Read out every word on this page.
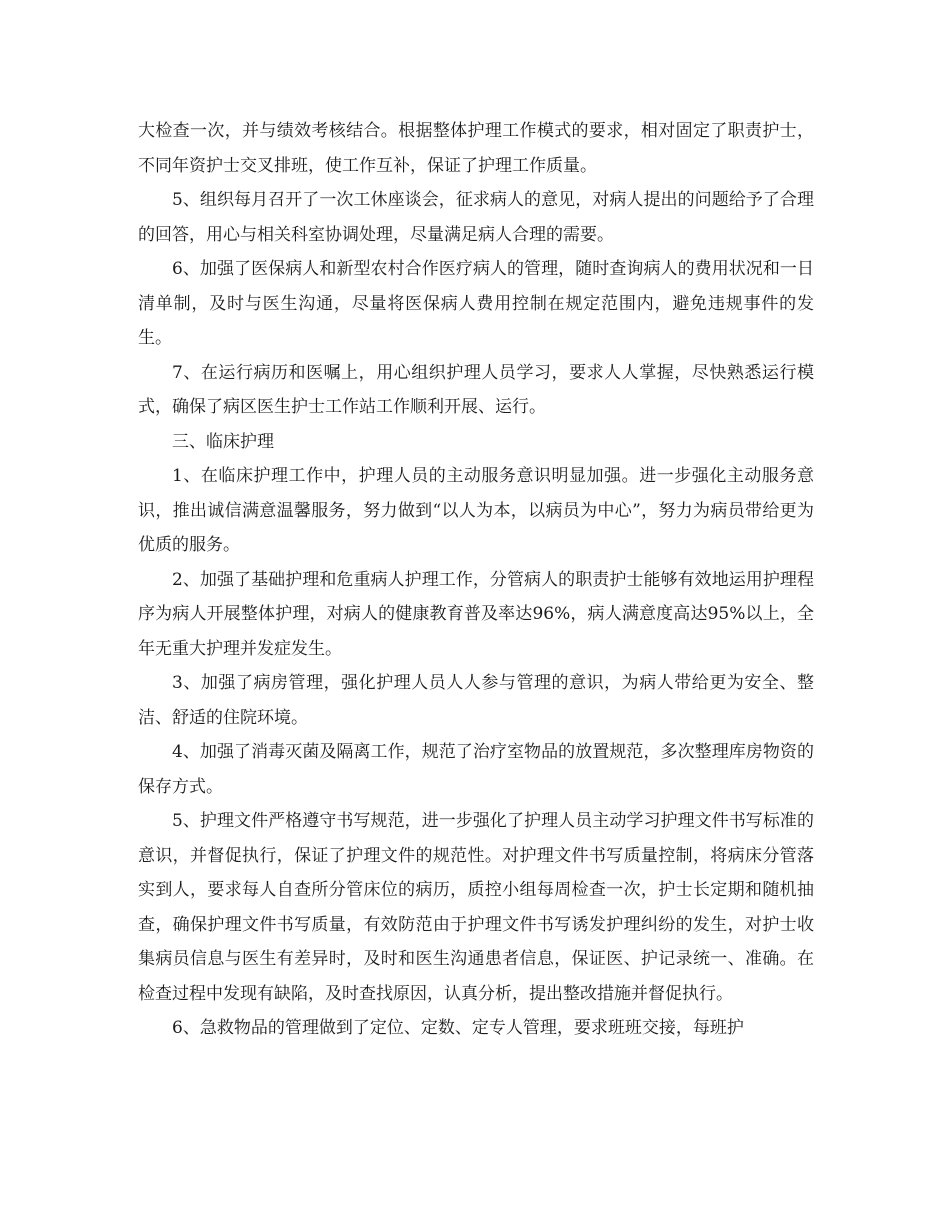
大检查一次，并与绩效考核结合。根据整体护理工作模式的要求，相对固定了职责护士，不同年资护士交叉排班，使工作互补，保证了护理工作质量。

5、组织每月召开了一次工休座谈会，征求病人的意见，对病人提出的问题给予了合理的回答，用心与相关科室协调处理，尽量满足病人合理的需要。

6、加强了医保病人和新型农村合作医疗病人的管理，随时查询病人的费用状况和一日清单制，及时与医生沟通，尽量将医保病人费用控制在规定范围内，避免违规事件的发生。

7、在运行病历和医嘱上，用心组织护理人员学习，要求人人掌握，尽快熟悉运行模式，确保了病区医生护士工作站工作顺利开展、运行。

三、临床护理

1、在临床护理工作中，护理人员的主动服务意识明显加强。进一步强化主动服务意识，推出诚信满意温馨服务，努力做到“以人为本，以病员为中心”，努力为病员带给更为优质的服务。

2、加强了基础护理和危重病人护理工作，分管病人的职责护士能够有效地运用护理程序为病人开展整体护理，对病人的健康教育普及率达96%，病人满意度高达95%以上，全年无重大护理并发症发生。

3、加强了病房管理，强化护理人员人人参与管理的意识，为病人带给更为安全、整洁、舒适的住院环境。

4、加强了消毒灭菌及隔离工作，规范了治疗室物品的放置规范，多次整理库房物资的保存方式。

5、护理文件严格遵守书写规范，进一步强化了护理人员主动学习护理文件书写标准的意识，并督促执行，保证了护理文件的规范性。对护理文件书写质量控制，将病床分管落实到人，要求每人自查所分管床位的病历，质控小组每周检查一次，护士长定期和随机抽查，确保护理文件书写质量，有效防范由于护理文件书写诱发护理纠纷的发生，对护士收集病员信息与医生有差异时，及时和医生沟通患者信息，保证医、护记录统一、准确。在检查过程中发现有缺陷，及时查找原因，认真分析，提出整改措施并督促执行。

6、急救物品的管理做到了定位、定数、定专人管理，要求班班交接，每班护
